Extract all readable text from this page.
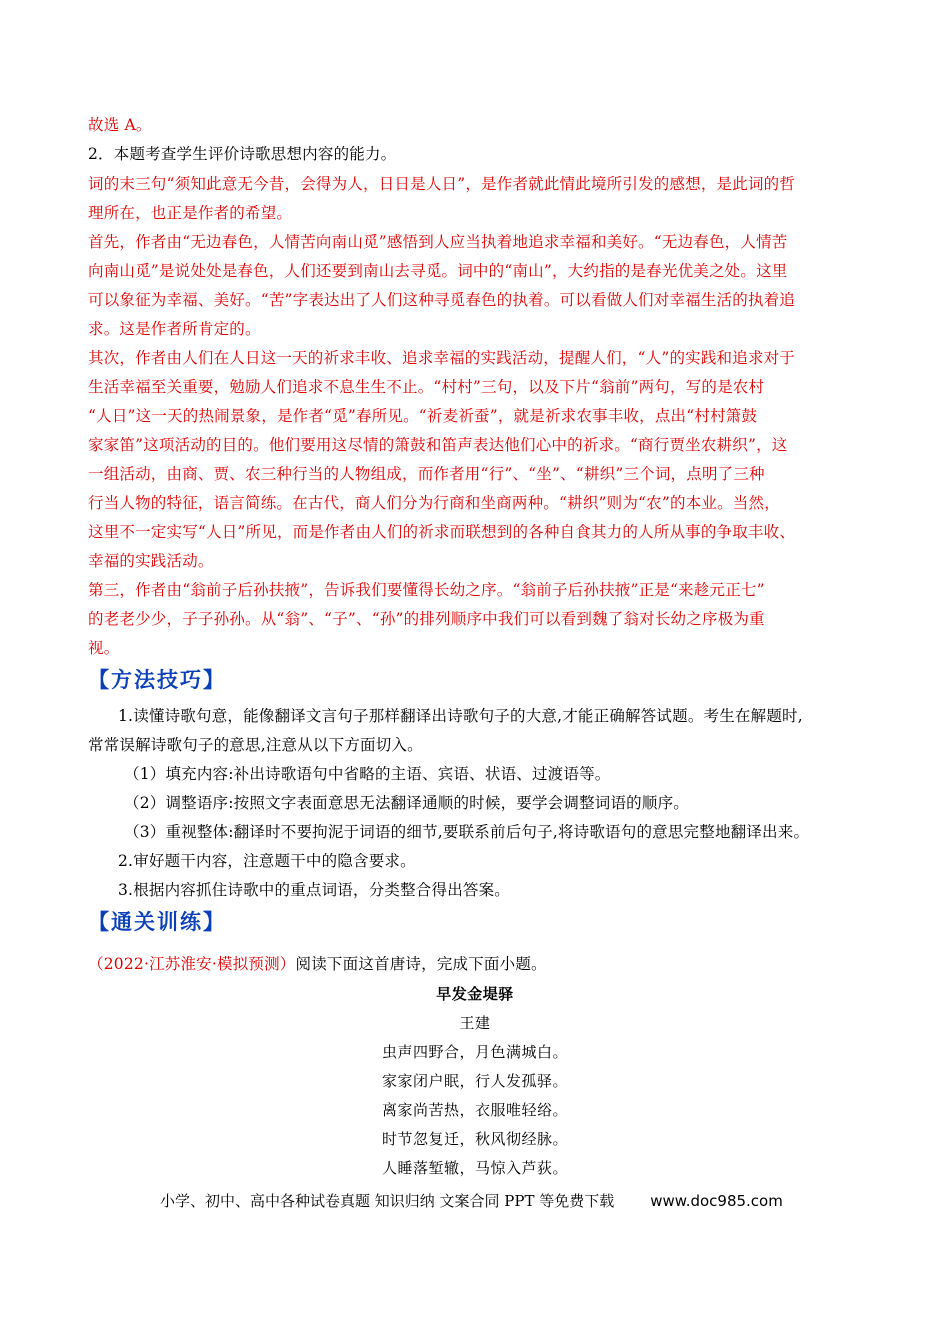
故选 A。
2．本题考查学生评价诗歌思想内容的能力。
词的末三句“须知此意无今昔，会得为人，日日是人日”，是作者就此情此境所引发的感想，是此词的哲
理所在，也正是作者的希望。
首先，作者由“无边春色，人情苦向南山觅”感悟到人应当执着地追求幸福和美好。“无边春色，人情苦
向南山觅”是说处处是春色，人们还要到南山去寻觅。词中的“南山”，大约指的是春光优美之处。这里
可以象征为幸福、美好。“苦”字表达出了人们这种寻觅春色的执着。可以看做人们对幸福生活的执着追
求。这是作者所肯定的。
其次，作者由人们在人日这一天的祈求丰收、追求幸福的实践活动，提醒人们，“人”的实践和追求对于
生活幸福至关重要，勉励人们追求不息生生不止。“村村”三句，以及下片“翁前”两句，写的是农村
“人日”这一天的热闹景象，是作者“觅”春所见。“祈麦祈蚕”，就是祈求农事丰收，点出“村村箫鼓
家家笛”这项活动的目的。他们要用这尽情的箫鼓和笛声表达他们心中的祈求。“商行贾坐农耕织”，这
一组活动，由商、贾、农三种行当的人物组成，而作者用“行”、“坐”、“耕织”三个词，点明了三种
行当人物的特征，语言简练。在古代，商人们分为行商和坐商两种。“耕织”则为“农”的本业。当然，
这里不一定实写“人日”所见，而是作者由人们的祈求而联想到的各种自食其力的人所从事的争取丰收、
幸福的实践活动。
第三，作者由“翁前子后孙扶掖”，告诉我们要懂得长幼之序。“翁前子后孙扶掖”正是“来趁元正七”
的老老少少，子子孙孙。从“翁”、“子”、“孙”的排列顺序中我们可以看到魏了翁对长幼之序极为重
视。
【方法技巧】
1.读懂诗歌句意，能像翻译文言句子那样翻译出诗歌句子的大意,才能正确解答试题。考生在解题时,
常常误解诗歌句子的意思,注意从以下方面切入。
（1）填充内容:补出诗歌语句中省略的主语、宾语、状语、过渡语等。
（2）调整语序:按照文字表面意思无法翻译通顺的时候，要学会调整词语的顺序。
（3）重视整体:翻译时不要拘泥于词语的细节,要联系前后句子,将诗歌语句的意思完整地翻译出来。
2.审好题干内容，注意题干中的隐含要求。
3.根据内容抓住诗歌中的重点词语，分类整合得出答案。
【通关训练】
（2022·江苏淮安·模拟预测）阅读下面这首唐诗，完成下面小题。
早发金堤驿
王建
虫声四野合，月色满城白。
家家闭户眠，行人发孤驿。
离家尚苦热，衣服唯轻绤。
时节忽复迁，秋风彻经脉。
人睡落堑辙，马惊入芦荻。
小学、初中、高中各种试卷真题 知识归纳 文案合同 PPT 等免费下载 www.doc985.com
